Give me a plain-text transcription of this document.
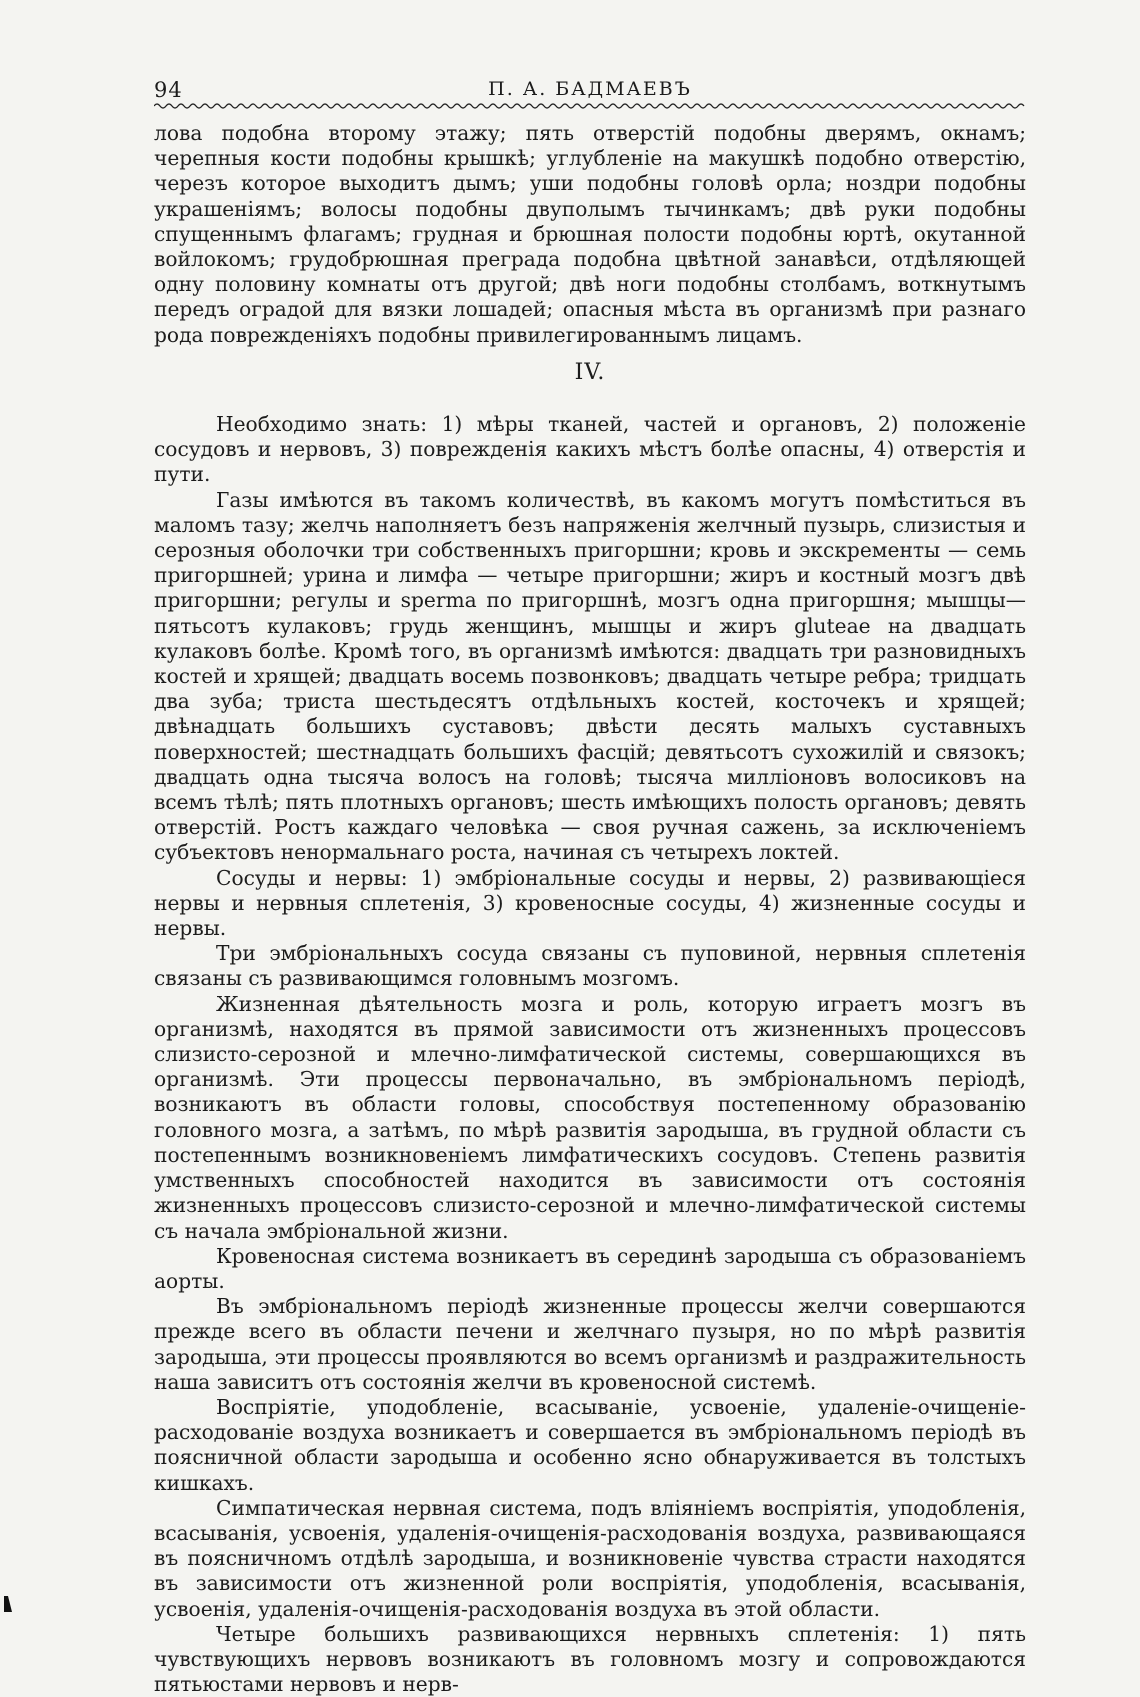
94	П. А. БАДМАЕВЪ

лова подобна второму этажу; пять отверстій подобны дверямъ, окнамъ; черепныя кости подобны крышкѣ; углубленіе на макушкѣ подобно отверстію, черезъ которое выходитъ дымъ; уши подобны головѣ орла; ноздри подобны украшеніямъ; волосы подобны двуполымъ тычинкамъ; двѣ руки подобны спущеннымъ флагамъ; грудная и брюшная полости подобны юртѣ, окутанной войлокомъ; грудобрюшная преграда подобна цвѣтной занавѣси, отдѣляющей одну половину комнаты отъ другой; двѣ ноги подобны столбамъ, воткнутымъ передъ оградой для вязки лошадей; опасныя мѣста въ организмѣ при разнаго рода поврежденіяхъ подобны привилегированнымъ лицамъ.

IV.

Необходимо знать: 1) мѣры тканей, частей и органовъ, 2) положеніе сосудовъ и нервовъ, 3) поврежденія какихъ мѣстъ болѣе опасны, 4) отверстія и пути.

Газы имѣются въ такомъ количествѣ, въ какомъ могутъ помѣститься въ маломъ тазу; желчь наполняетъ безъ напряженія желчный пузырь, слизистыя и серозныя оболочки три собственныхъ пригоршни; кровь и экскременты — семь пригоршней; урина и лимфа — четыре пригоршни; жиръ и костный мозгъ двѣ пригоршни; регулы и sperma по пригоршнѣ, мозгъ одна пригоршня; мышцы—пятьсотъ кулаковъ; грудь женщинъ, мышцы и жиръ gluteae на двадцать кулаковъ болѣе. Кромѣ того, въ организмѣ имѣются: двадцать три разновидныхъ костей и хрящей; двадцать восемь позвонковъ; двадцать четыре ребра; тридцать два зуба; триста шестьдесятъ отдѣльныхъ костей, косточекъ и хрящей; двѣнадцать большихъ суставовъ; двѣсти десять малыхъ суставныхъ поверхностей; шестнадцать большихъ фасцій; девятьсотъ сухожилій и связокъ; двадцать одна тысяча волосъ на головѣ; тысяча милліоновъ волосиковъ на всемъ тѣлѣ; пять плотныхъ органовъ; шесть имѣющихъ полость органовъ; девять отверстій. Ростъ каждаго человѣка — своя ручная сажень, за исключеніемъ субъектовъ ненормальнаго роста, начиная съ четырехъ локтей.

Сосуды и нервы: 1) эмбріональные сосуды и нервы, 2) развивающіеся нервы и нервныя сплетенія, 3) кровеносные сосуды, 4) жизненные сосуды и нервы.

Три эмбріональныхъ сосуда связаны съ пуповиной, нервныя сплетенія связаны съ развивающимся головнымъ мозгомъ.

Жизненная дѣятельность мозга и роль, которую играетъ мозгъ въ организмѣ, находятся въ прямой зависимости отъ жизненныхъ процессовъ слизисто-серозной и млечно-лимфатической системы, совершающихся въ организмѣ. Эти процессы первоначально, въ эмбріональномъ періодѣ, возникаютъ въ области головы, способствуя постепенному образованію головного мозга, а затѣмъ, по мѣрѣ развитія зародыша, въ грудной области съ постепеннымъ возникновеніемъ лимфатическихъ сосудовъ. Степень развитія умственныхъ способностей находится въ зависимости отъ состоянія жизненныхъ процессовъ слизисто-серозной и млечно-лимфатической системы съ начала эмбріональной жизни.

Кровеносная система возникаетъ въ серединѣ зародыша съ образованіемъ аорты.

Въ эмбріональномъ періодѣ жизненные процессы желчи совершаются прежде всего въ области печени и желчнаго пузыря, но по мѣрѣ развитія зародыша, эти процессы проявляются во всемъ организмѣ и раздражительность наша зависитъ отъ состоянія желчи въ кровеносной системѣ.

Воспріятіе, уподобленіе, всасываніе, усвоеніе, удаленіе-очищеніе-расходованіе воздуха возникаетъ и совершается въ эмбріональномъ періодѣ въ поясничной области зародыша и особенно ясно обнаруживается въ толстыхъ кишкахъ.

Симпатическая нервная система, подъ вліяніемъ воспріятія, уподобленія, всасыванія, усвоенія, удаленія-очищенія-расходованія воздуха, развивающаяся въ поясничномъ отдѣлѣ зародыша, и возникновеніе чувства страсти находятся въ зависимости отъ жизненной роли воспріятія, уподобленія, всасыванія, усвоенія, удаленія-очищенія-расходованія воздуха въ этой области.

Четыре большихъ развивающихся нервныхъ сплетенія: 1) пять чувствующихъ нервовъ возникаютъ въ головномъ мозгу и сопровождаются пятьюстами нервовъ и нерв-
